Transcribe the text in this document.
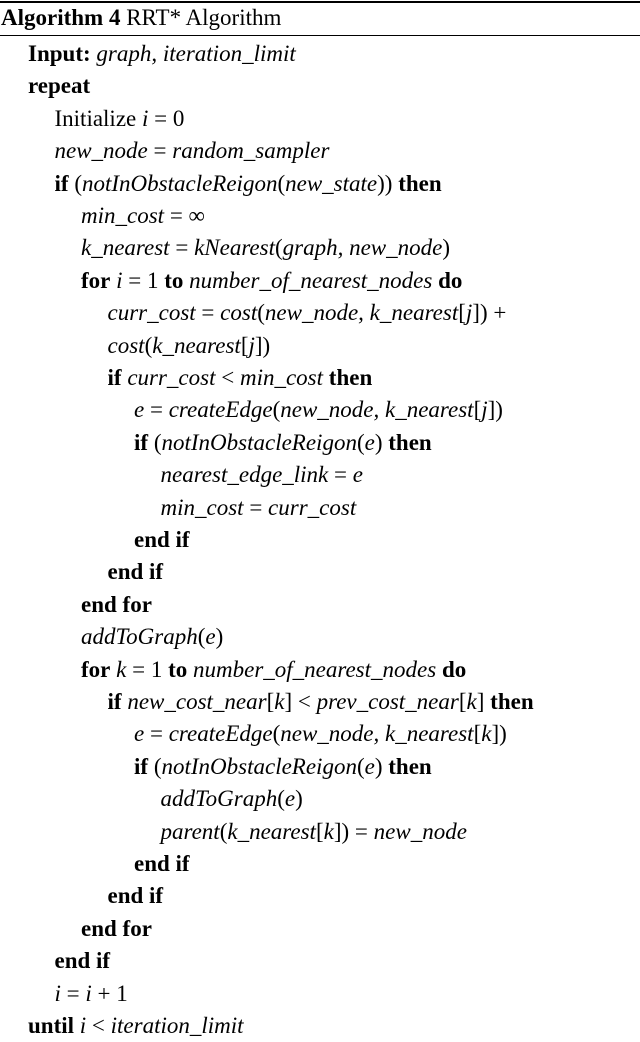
Algorithm 4 RRT* Algorithm
Input: graph, iteration_limit
repeat
Initialize i = 0
new_node = random_sampler
if (notInObstacleReigon(new_state)) then
min_cost = ∞
k_nearest = kNearest(graph, new_node)
for i = 1 to number_of_nearest_nodes do
curr_cost = cost(new_node, k_nearest[j]) +
cost(k_nearest[j])
if curr_cost < min_cost then
e = createEdge(new_node, k_nearest[j])
if (notInObstacleReigon(e) then
nearest_edge_link = e
min_cost = curr_cost
end if
end if
end for
addToGraph(e)
for k = 1 to number_of_nearest_nodes do
if new_cost_near[k] < prev_cost_near[k] then
e = createEdge(new_node, k_nearest[k])
if (notInObstacleReigon(e) then
addToGraph(e)
parent(k_nearest[k]) = new_node
end if
end if
end for
end if
i = i + 1
until i < iteration_limit
